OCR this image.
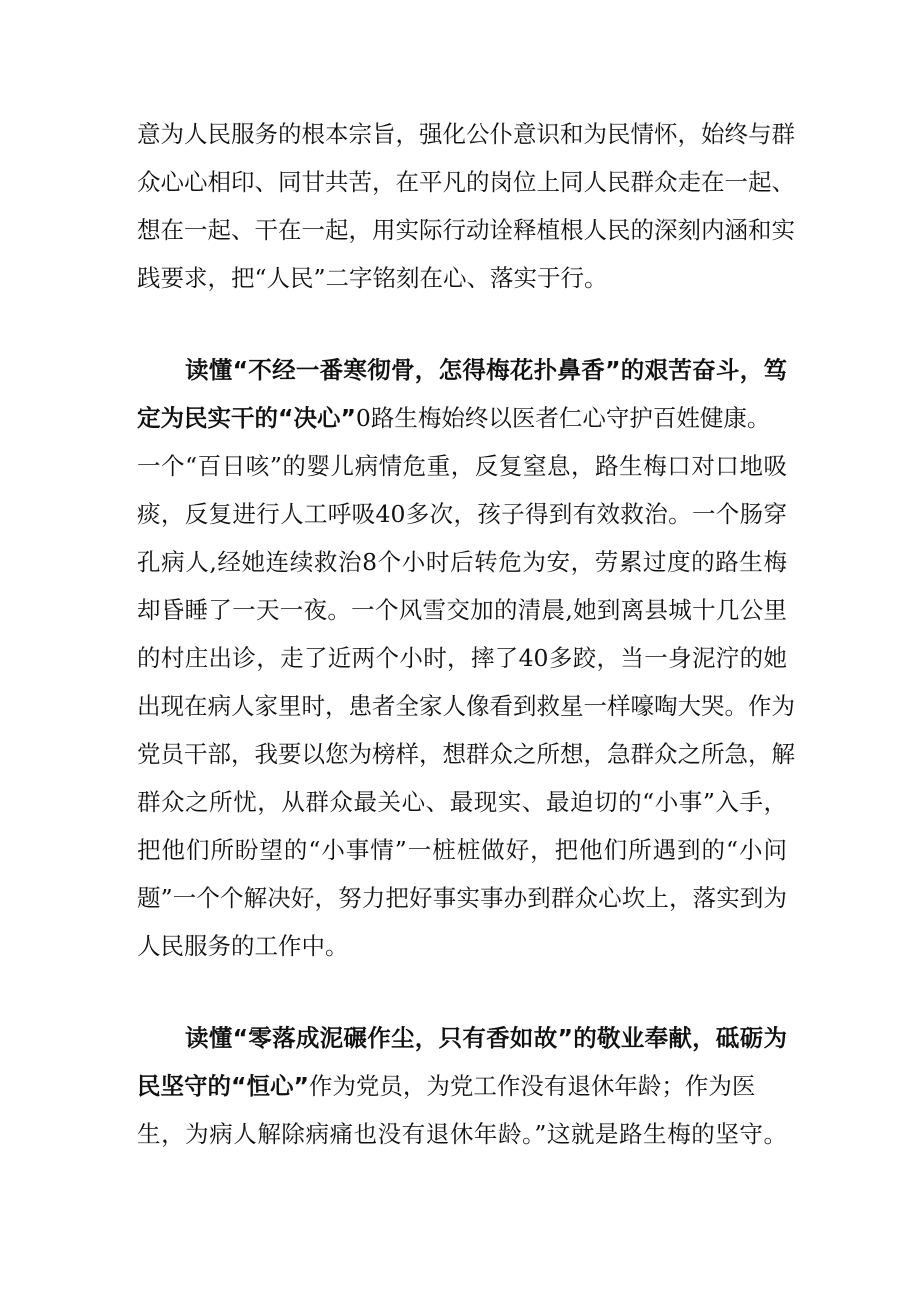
意为人民服务的根本宗旨，强化公仆意识和为民情怀，始终与群
众心心相印、同甘共苦，在平凡的岗位上同人民群众走在一起、
想在一起、干在一起，用实际行动诠释植根人民的深刻内涵和实
践要求，把“人民”二字铭刻在心、落实于行。
读懂“不经一番寒彻骨，怎得梅花扑鼻香”的艰苦奋斗，笃
定为民实干的“决心”0路生梅始终以医者仁心守护百姓健康。
一个“百日咳”的婴儿病情危重，反复窒息，路生梅口对口地吸
痰，反复进行人工呼吸40多次，孩子得到有效救治。一个肠穿
孔病人,经她连续救治8个小时后转危为安，劳累过度的路生梅
却昏睡了一天一夜。一个风雪交加的清晨,她到离县城十几公里
的村庄出诊，走了近两个小时，摔了40多跤，当一身泥泞的她
出现在病人家里时，患者全家人像看到救星一样嚎啕大哭。作为
党员干部，我要以您为榜样，想群众之所想，急群众之所急，解
群众之所忧，从群众最关心、最现实、最迫切的“小事”入手，
把他们所盼望的“小事情”一桩桩做好，把他们所遇到的“小问
题”一个个解决好，努力把好事实事办到群众心坎上，落实到为
人民服务的工作中。
读懂“零落成泥碾作尘，只有香如故”的敬业奉献，砥砺为
民坚守的“恒心”作为党员，为党工作没有退休年龄；作为医
生，为病人解除病痛也没有退休年龄。”这就是路生梅的坚守。
